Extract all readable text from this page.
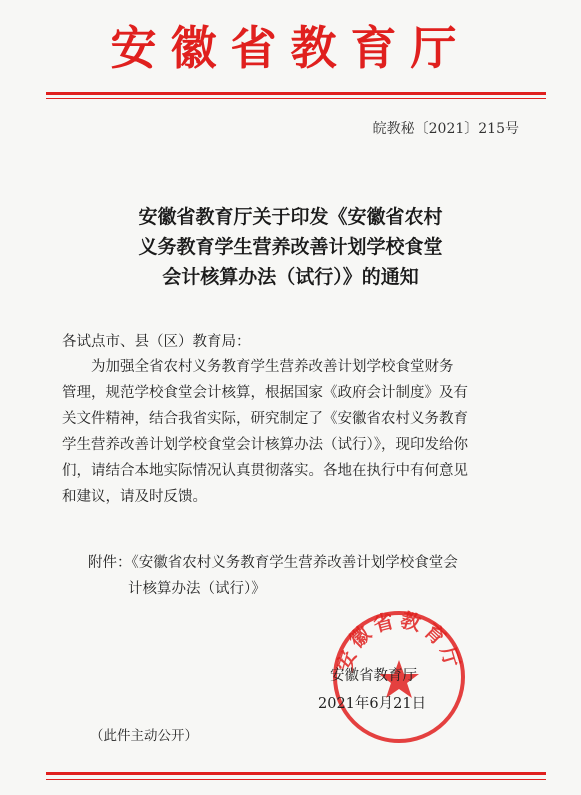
安徽省教育厅
皖教秘〔2021〕215号
安徽省教育厅关于印发《安徽省农村
义务教育学生营养改善计划学校食堂
会计核算办法（试行）》的通知
各试点市、县（区）教育局：
为加强全省农村义务教育学生营养改善计划学校食堂财务
管理，规范学校食堂会计核算，根据国家《政府会计制度》及有
关文件精神，结合我省实际，研究制定了《安徽省农村义务教育
学生营养改善计划学校食堂会计核算办法（试行）》，现印发给你
们，请结合本地实际情况认真贯彻落实。各地在执行中有何意见
和建议，请及时反馈。
附件：《安徽省农村义务教育学生营养改善计划学校食堂会
计核算办法（试行）》
安徽省教育厅
安徽省教育厅
2021年6月21日
（此件主动公开）
